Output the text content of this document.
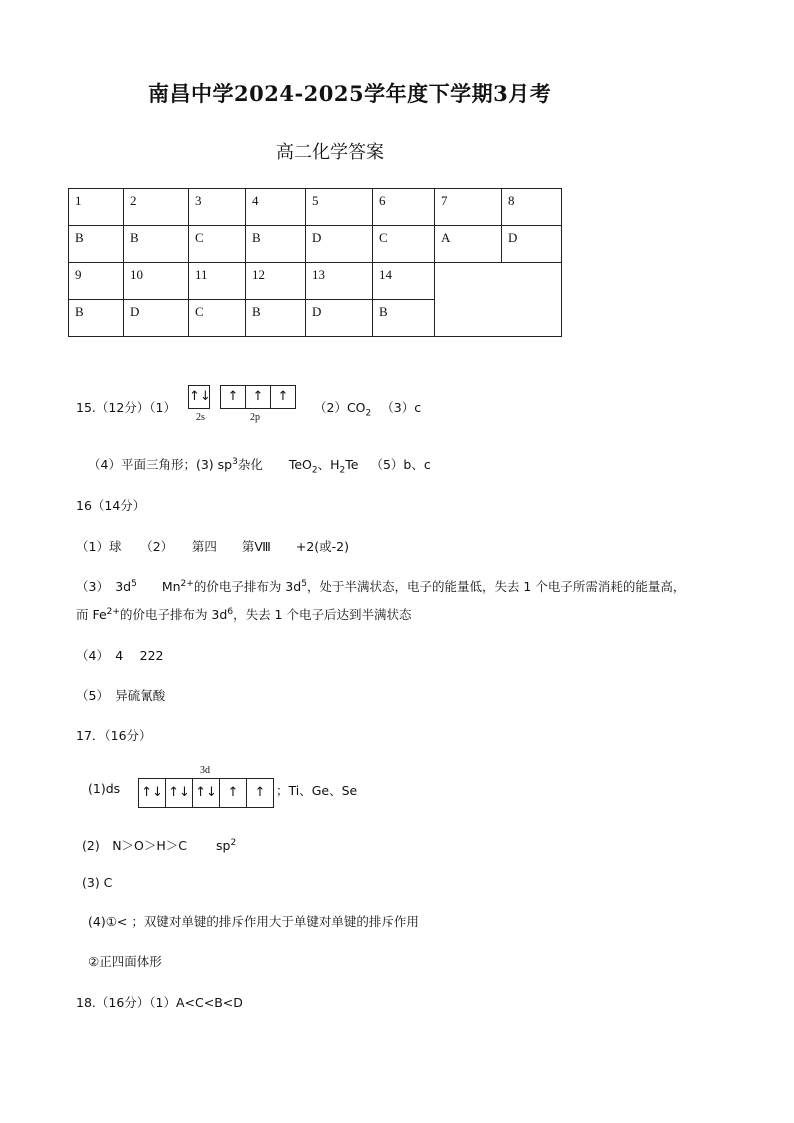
南昌中学2024-2025学年度下学期3月考
高二化学答案
1	2	3	4	5	6	7	8
B	B	C	B	D	C	A	D
9	10	11	12	13	14		
B	D	C	B	D	B		
15.（12分）（1）
↑↓	↑	↑	↑
2s	2p
$(2)CO_2$ （3）c
（4）平面三角形；(3) $sp^3$杂化 TeO$_2$、$H_2Te$ （5）b、c
16（14分）
（1）球　　（2）　　第四　　第Ⅷ　　+2(或-2)
（3）　$3d^5$　　$Mn^{2+}$的价电子排布为 $3d^5$，处于半满状态，电子的能量低，失去 1 个电子所需消耗的能量高，
而 $Fe^{2+}$的价电子排布为 $3d^6$，失去 1 个电子后达到半满状态
（4）　4　 222
（5）　异硫氰酸
17．（16分）
3d
(1)ds ↑↓ ↑↓ ↑↓ ↑	↑ ；Ti、Ge、Se
(2)　N＞O＞H＞C　　 $sp^2$
(3) C
(4)①< ；双键对单键的排斥作用大于单键对单键的排斥作用
②正四面体形
18.（16分）（1）A<C<B<D
